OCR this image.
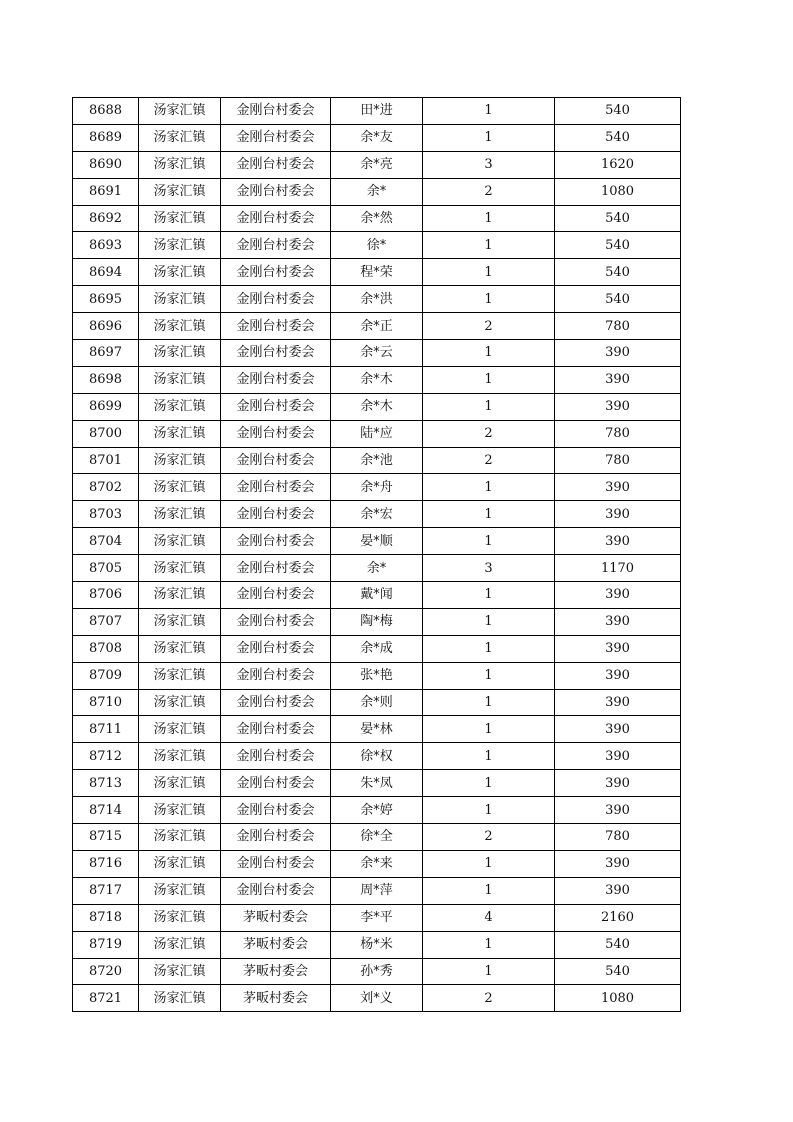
8688	汤家汇镇	金刚台村委会	田*进	1	540
8689	汤家汇镇	金刚台村委会	余*友	1	540
8690	汤家汇镇	金刚台村委会	余*亮	3	1620
8691	汤家汇镇	金刚台村委会	余*	2	1080
8692	汤家汇镇	金刚台村委会	余*然	1	540
8693	汤家汇镇	金刚台村委会	徐*	1	540
8694	汤家汇镇	金刚台村委会	程*荣	1	540
8695	汤家汇镇	金刚台村委会	余*洪	1	540
8696	汤家汇镇	金刚台村委会	余*正	2	780
8697	汤家汇镇	金刚台村委会	余*云	1	390
8698	汤家汇镇	金刚台村委会	余*木	1	390
8699	汤家汇镇	金刚台村委会	余*木	1	390
8700	汤家汇镇	金刚台村委会	陆*应	2	780
8701	汤家汇镇	金刚台村委会	余*池	2	780
8702	汤家汇镇	金刚台村委会	余*舟	1	390
8703	汤家汇镇	金刚台村委会	余*宏	1	390
8704	汤家汇镇	金刚台村委会	晏*顺	1	390
8705	汤家汇镇	金刚台村委会	余*	3	1170
8706	汤家汇镇	金刚台村委会	戴*闻	1	390
8707	汤家汇镇	金刚台村委会	陶*梅	1	390
8708	汤家汇镇	金刚台村委会	余*成	1	390
8709	汤家汇镇	金刚台村委会	张*艳	1	390
8710	汤家汇镇	金刚台村委会	余*则	1	390
8711	汤家汇镇	金刚台村委会	晏*林	1	390
8712	汤家汇镇	金刚台村委会	徐*权	1	390
8713	汤家汇镇	金刚台村委会	朱*凤	1	390
8714	汤家汇镇	金刚台村委会	余*婷	1	390
8715	汤家汇镇	金刚台村委会	徐*全	2	780
8716	汤家汇镇	金刚台村委会	余*来	1	390
8717	汤家汇镇	金刚台村委会	周*萍	1	390
8718	汤家汇镇	茅畈村委会	李*平	4	2160
8719	汤家汇镇	茅畈村委会	杨*米	1	540
8720	汤家汇镇	茅畈村委会	孙*秀	1	540
8721	汤家汇镇	茅畈村委会	刘*义	2	1080
